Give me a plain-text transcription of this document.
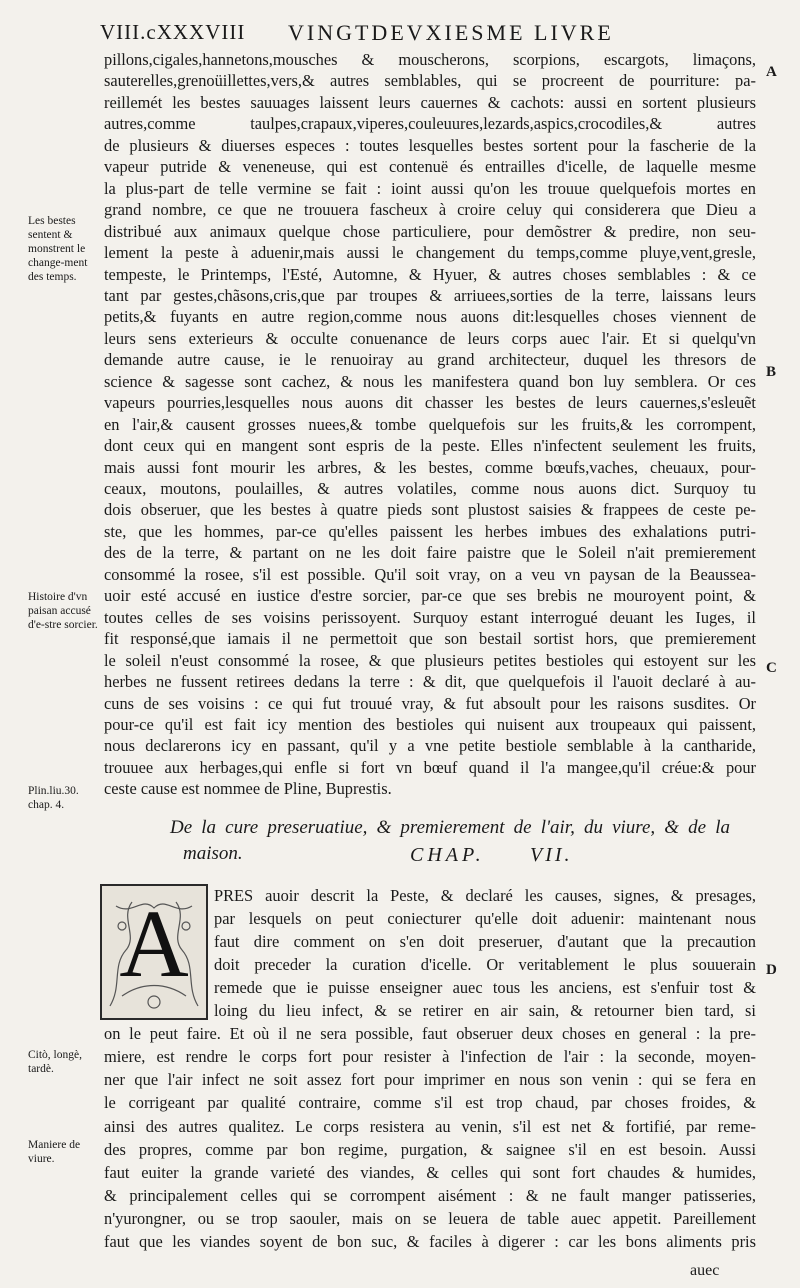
VIII.cXXXVIII VINGTDEVXIESME LIVRE
pillons,cigales,hannetons,mousches & mouscherons, scorpions, escargots, limaçons,
sauterelles,grenoüillettes,vers,& autres semblables, qui se procreent de pourriture: pa-
reillemét les bestes sauuages laissent leurs cauernes & cachots: aussi en sortent plusieurs
autres,comme taulpes,crapaux,viperes,couleuures,lezards,aspics,crocodiles,& autres
de plusieurs & diuerses especes : toutes lesquelles bestes sortent pour la fascherie de la
vapeur putride & veneneuse, qui est contenuë és entrailles d'icelle, de laquelle mesme
la plus-part de telle vermine se fait : ioint aussi qu'on les trouue quelquefois mortes en
grand nombre, ce que ne trouuera fascheux à croire celuy qui considerera que Dieu a
distribué aux animaux quelque chose particuliere, pour demõstrer & predire, non seu-
lement la peste à aduenir,mais aussi le changement du temps,comme pluye,vent,gresle,
tempeste, le Printemps, l'Esté, Automne, & Hyuer, & autres choses semblables : & ce
tant par gestes,chãsons,cris,que par troupes & arriuees,sorties de la terre, laissans leurs
petits,& fuyants en autre region,comme nous auons dit:lesquelles choses viennent de
leurs sens exterieurs & occulte conuenance de leurs corps auec l'air. Et si quelqu'vn
demande autre cause, ie le renuoiray au grand architecteur, duquel les thresors de
science & sagesse sont cachez, & nous les manifestera quand bon luy semblera. Or ces
vapeurs pourries,lesquelles nous auons dit chasser les bestes de leurs cauernes,s'esleuẽt
en l'air,& causent grosses nuees,& tombe quelquefois sur les fruits,& les corrompent,
dont ceux qui en mangent sont espris de la peste. Elles n'infectent seulement les fruits,
mais aussi font mourir les arbres, & les bestes, comme bœufs,vaches, cheuaux, pour-
ceaux, moutons, poulailles, & autres volatiles, comme nous auons dict. Surquoy tu
dois obseruer, que les bestes à quatre pieds sont plustost saisies & frappees de ceste pe-
ste, que les hommes, par-ce qu'elles paissent les herbes imbues des exhalations putri-
des de la terre, & partant on ne les doit faire paistre que le Soleil n'ait premierement
consommé la rosee, s'il est possible. Qu'il soit vray, on a veu vn paysan de la Beaussea-
uoir esté accusé en iustice d'estre sorcier, par-ce que ses brebis ne mouroyent point, &
toutes celles de ses voisins perissoyent. Surquoy estant interrogué deuant les Iuges, il
fit responsé,que iamais il ne permettoit que son bestail sortist hors, que premierement
le soleil n'eust consommé la rosee, & que plusieurs petites bestioles qui estoyent sur les
herbes ne fussent retirees dedans la terre : & dit, que quelquefois il l'auoit declaré à au-
cuns de ses voisins : ce qui fut trouué vray, & fut absoult pour les raisons susdites. Or
pour-ce qu'il est fait icy mention des bestioles qui nuisent aux troupeaux qui paissent,
nous declarerons icy en passant, qu'il y a vne petite bestiole semblable à la cantharide,
trouuee aux herbages,qui enfle si fort vn bœuf quand il l'a mangee,qu'il créue:& pour
ceste cause est nommee de Pline, Buprestis.
De la cure preseruatiue, & premierement de l'air, du viure, & de la
maison.	CHAP. VII.
A	PRES auoir descrit la Peste, & declaré les causes, signes, & presages,
par lesquels on peut coniecturer qu'elle doit aduenir: maintenant nous
faut dire comment on s'en doit preseruer, d'autant que la precaution
doit preceder la curation d'icelle. Or veritablement le plus souuerain
remede que ie puisse enseigner auec tous les anciens, est s'enfuir tost &
loing du lieu infect, & se retirer en air sain, & retourner bien tard, si
on le peut faire. Et où il ne sera possible, faut obseruer deux choses en general : la pre-
miere, est rendre le corps fort pour resister à l'infection de l'air : la seconde, moyen-
ner que l'air infect ne soit assez fort pour imprimer en nous son venin : qui se fera en
le corrigeant par qualité contraire, comme s'il est trop chaud, par choses froides, &
ainsi des autres qualitez. Le corps resistera au venin, s'il est net & fortifié, par reme-
des propres, comme par bon regime, purgation, & saignee s'il en est besoin. Aussi
faut euiter la grande varieté des viandes, & celles qui sont fort chaudes & humides,
& principalement celles qui se corrompent aisément : & ne fault manger patisseries,
n'yurongner, ou se trop saouler, mais on se leuera de table auec appetit. Pareillement
faut que les viandes soyent de bon suc, & faciles à digerer : car les bons aliments pris
Les bestes sentent & monstrent le change-ment des temps.
Histoire d'vn paisan accusé d'e-stre sorcier.
Plin.liu.30. chap. 4.
Citò, longè, tardè.
Maniere de viure.
A
B
C
D
auec
